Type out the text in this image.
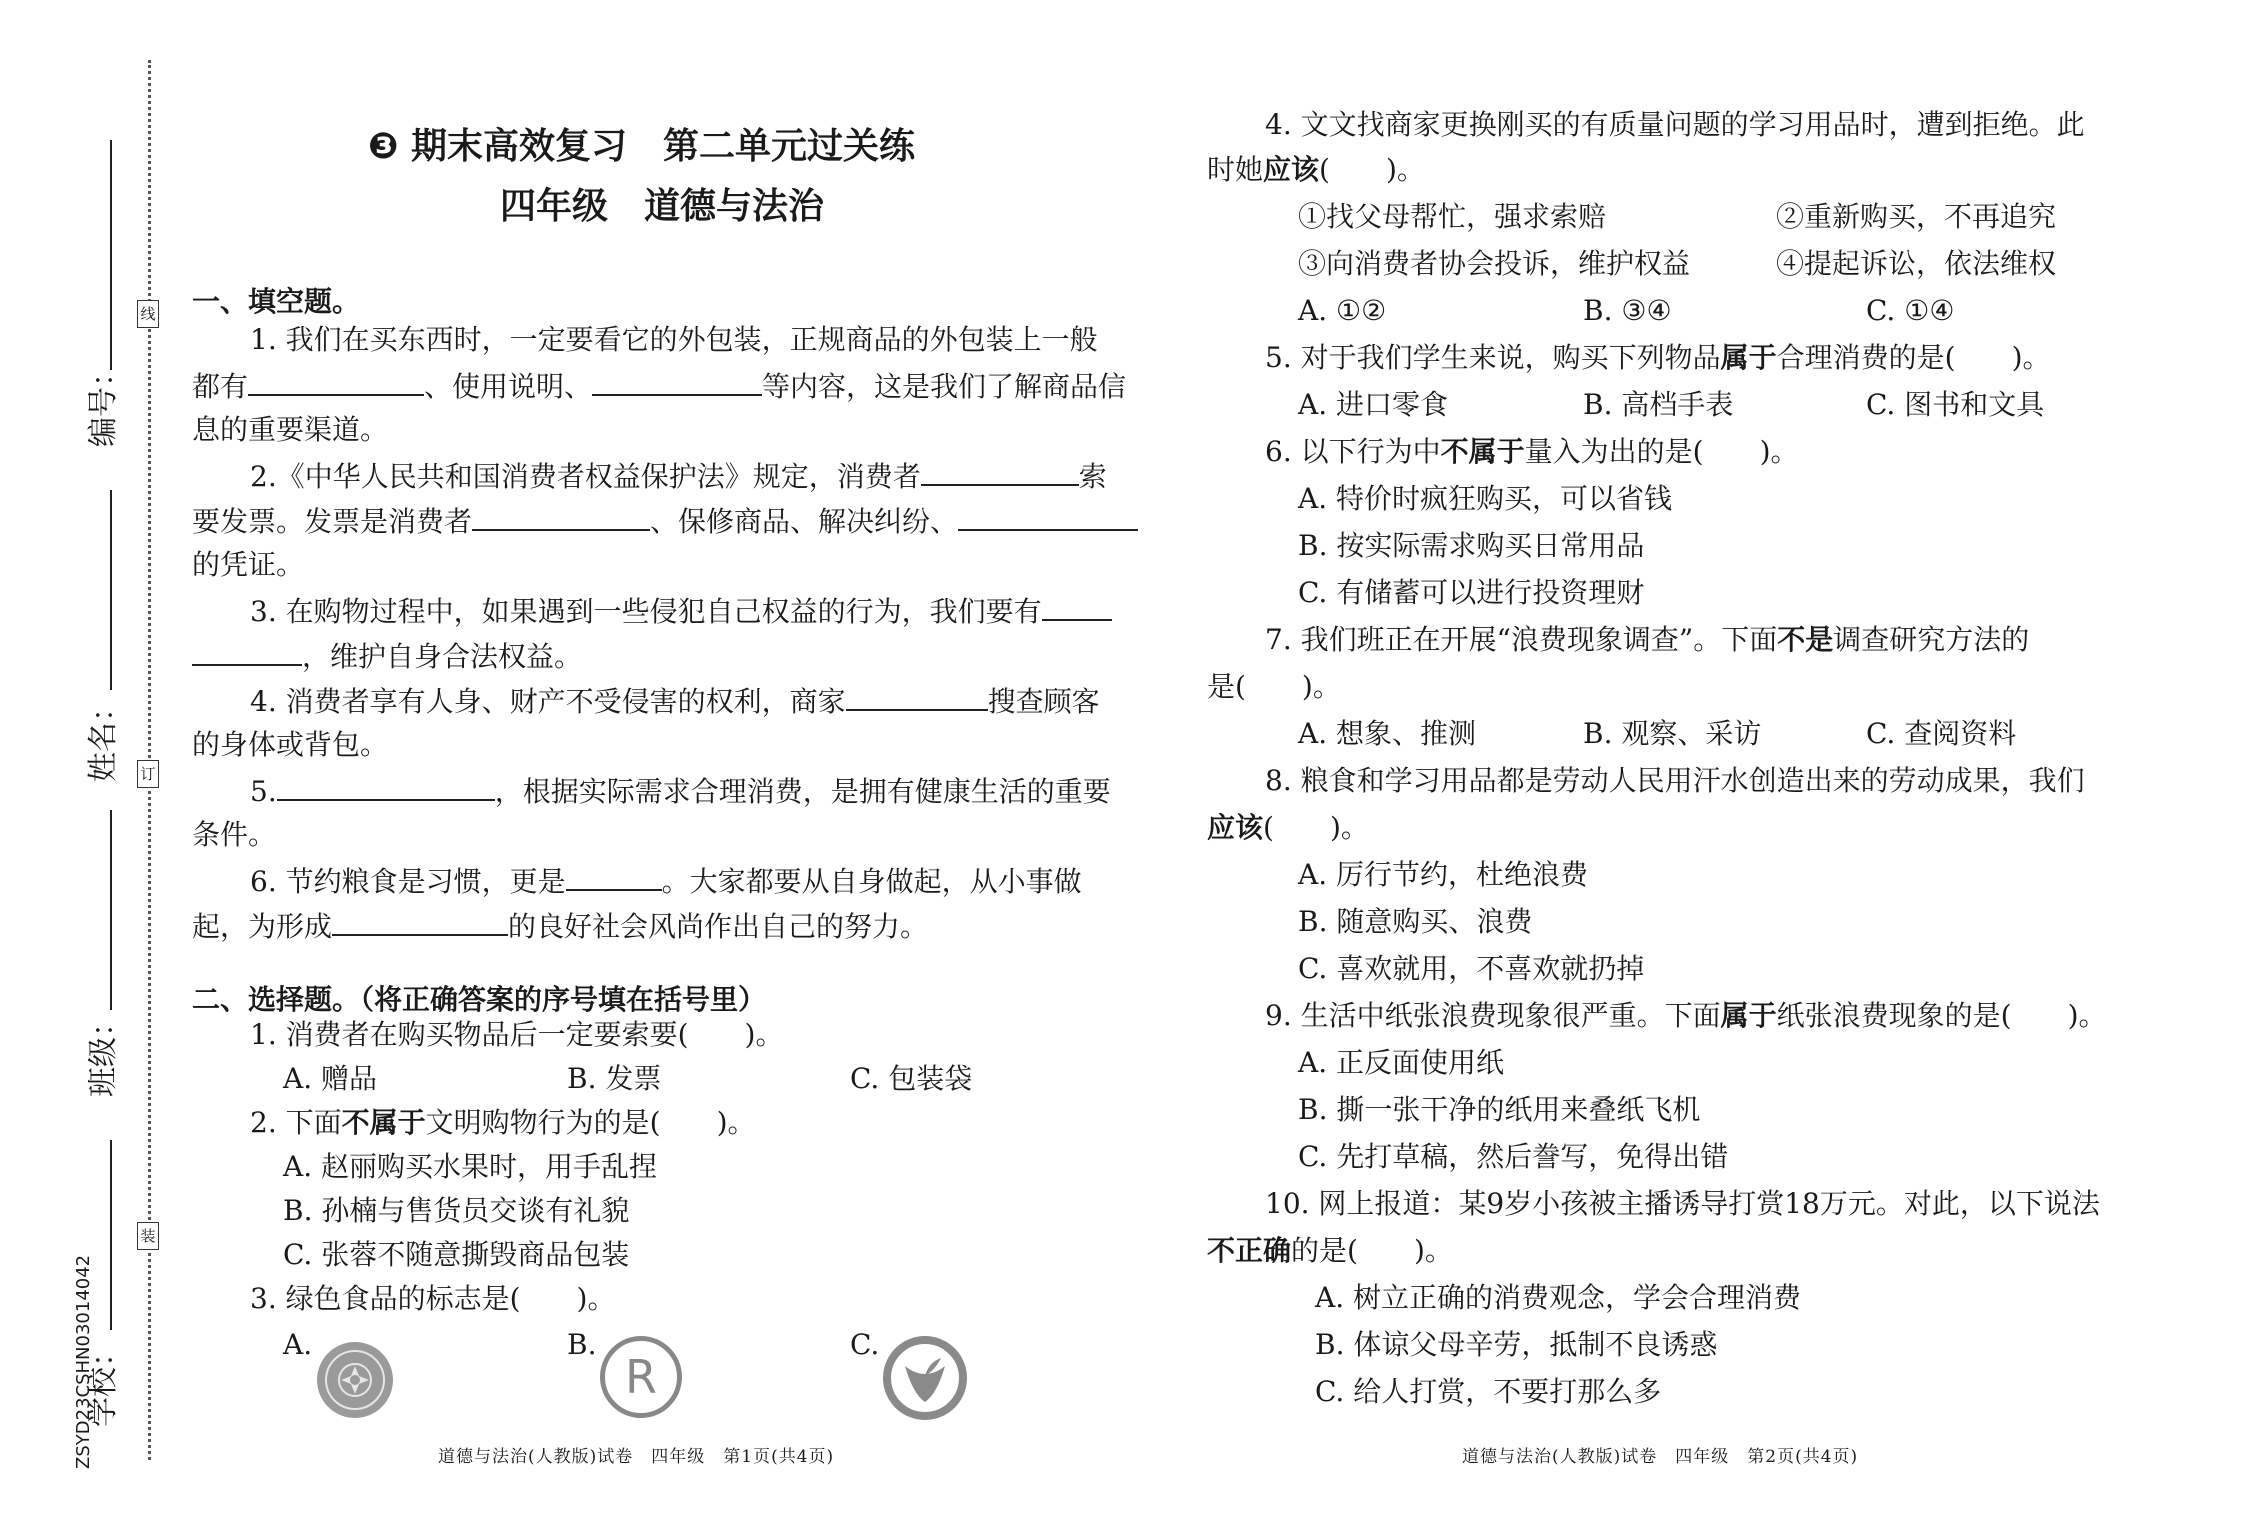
编号：
姓名：
班级：
学校：
线
订
装
ZSYD23CSHN03014042
❸ 期末高效复习　第二单元过关练
四年级　道德与法治
一、填空题。
1. 我们在买东西时，一定要看它的外包装，正规商品的外包装上一般
都有	、使用说明、	等内容，这是我们了解商品信
息的重要渠道。
2.《中华人民共和国消费者权益保护法》规定，消费者	索
要发票。发票是消费者	、保修商品、解决纠纷、
的凭证。
3. 在购物过程中，如果遇到一些侵犯自己权益的行为，我们要有
，维护自身合法权益。
4. 消费者享有人身、财产不受侵害的权利，商家	搜查顾客
的身体或背包。
5.	，根据实际需求合理消费，是拥有健康生活的重要
条件。
6. 节约粮食是习惯，更是	。大家都要从自身做起，从小事做
起，为形成	的良好社会风尚作出自己的努力。
二、选择题。（将正确答案的序号填在括号里）
1. 消费者在购买物品后一定要索要(　　)。
A. 赠品	B. 发票	C. 包装袋
2. 下面不属于文明购物行为的是(　　)。
A. 赵丽购买水果时，用手乱捏
B. 孙楠与售货员交谈有礼貌
C. 张蓉不随意撕毁商品包装
3. 绿色食品的标志是(　　)。
A.	B.
R
C.
道德与法治(人教版)试卷　四年级　第1页(共4页)
4. 文文找商家更换刚买的有质量问题的学习用品时，遭到拒绝。此
时她应该(　　)。
①找父母帮忙，强求索赔	②重新购买，不再追究
③向消费者协会投诉，维护权益	④提起诉讼，依法维权
A. ①②	B. ③④	C. ①④
5. 对于我们学生来说，购买下列物品属于合理消费的是(　　)。
A. 进口零食	B. 高档手表	C. 图书和文具
6. 以下行为中不属于量入为出的是(　　)。
A. 特价时疯狂购买，可以省钱
B. 按实际需求购买日常用品
C. 有储蓄可以进行投资理财
7. 我们班正在开展“浪费现象调查”。下面不是调查研究方法的
是(　　)。
A. 想象、推测	B. 观察、采访	C. 查阅资料
8. 粮食和学习用品都是劳动人民用汗水创造出来的劳动成果，我们
应该(　　)。
A. 厉行节约，杜绝浪费
B. 随意购买、浪费
C. 喜欢就用，不喜欢就扔掉
9. 生活中纸张浪费现象很严重。下面属于纸张浪费现象的是(　　)。
A. 正反面使用纸
B. 撕一张干净的纸用来叠纸飞机
C. 先打草稿，然后誊写，免得出错
10. 网上报道：某9岁小孩被主播诱导打赏18万元。对此，以下说法
不正确的是(　　)。
A. 树立正确的消费观念，学会合理消费
B. 体谅父母辛劳，抵制不良诱惑
C. 给人打赏，不要打那么多
道德与法治(人教版)试卷　四年级　第2页(共4页)
